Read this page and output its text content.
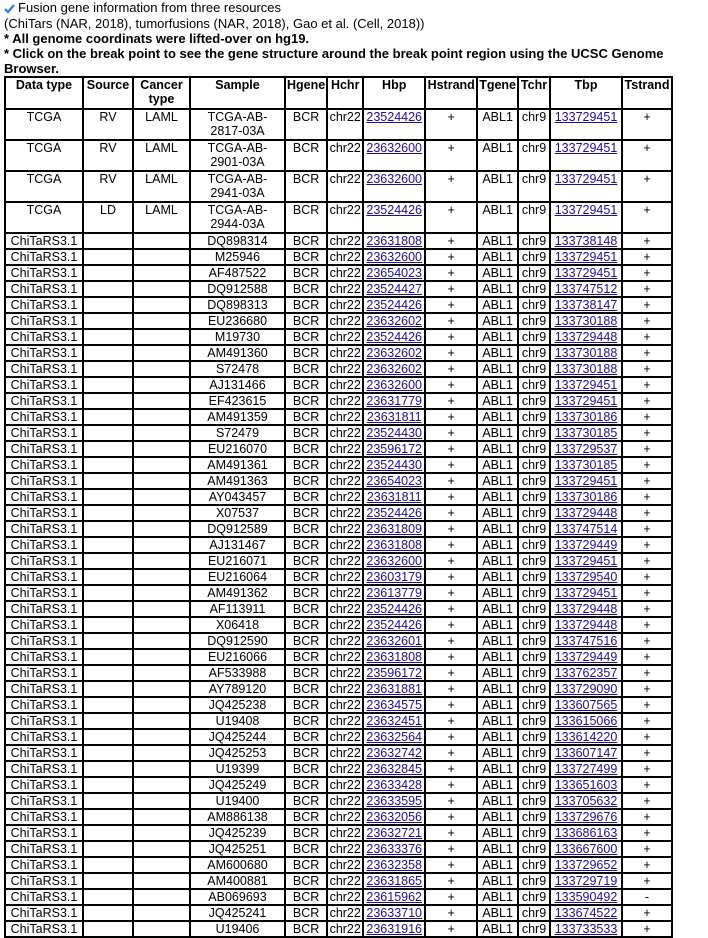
Fusion gene information from three resources
(ChiTars (NAR, 2018), tumorfusions (NAR, 2018), Gao et al. (Cell, 2018))
* All genome coordinats were lifted-over on hg19.
* Click on the break point to see the gene structure around the break point region using the UCSC Genome Browser.
Data type	Source	Cancer type	Sample	Hgene	Hchr	Hbp	Hstrand	Tgene	Tchr	Tbp	Tstrand
TCGA	RV	LAML	TCGA-AB-2817-03A	BCR	chr22	23524426	+	ABL1	chr9	133729451	+
TCGA	RV	LAML	TCGA-AB-2901-03A	BCR	chr22	23632600	+	ABL1	chr9	133729451	+
TCGA	RV	LAML	TCGA-AB-2941-03A	BCR	chr22	23632600	+	ABL1	chr9	133729451	+
TCGA	LD	LAML	TCGA-AB-2944-03A	BCR	chr22	23524426	+	ABL1	chr9	133729451	+
ChiTaRS3.1			DQ898314	BCR	chr22	23631808	+	ABL1	chr9	133738148	+
ChiTaRS3.1			M25946	BCR	chr22	23632600	+	ABL1	chr9	133729451	+
ChiTaRS3.1			AF487522	BCR	chr22	23654023	+	ABL1	chr9	133729451	+
ChiTaRS3.1			DQ912588	BCR	chr22	23524427	+	ABL1	chr9	133747512	+
ChiTaRS3.1			DQ898313	BCR	chr22	23524426	+	ABL1	chr9	133738147	+
ChiTaRS3.1			EU236680	BCR	chr22	23632602	+	ABL1	chr9	133730188	+
ChiTaRS3.1			M19730	BCR	chr22	23524426	+	ABL1	chr9	133729448	+
ChiTaRS3.1			AM491360	BCR	chr22	23632602	+	ABL1	chr9	133730188	+
ChiTaRS3.1			S72478	BCR	chr22	23632602	+	ABL1	chr9	133730188	+
ChiTaRS3.1			AJ131466	BCR	chr22	23632600	+	ABL1	chr9	133729451	+
ChiTaRS3.1			EF423615	BCR	chr22	23631779	+	ABL1	chr9	133729451	+
ChiTaRS3.1			AM491359	BCR	chr22	23631811	+	ABL1	chr9	133730186	+
ChiTaRS3.1			S72479	BCR	chr22	23524430	+	ABL1	chr9	133730185	+
ChiTaRS3.1			EU216070	BCR	chr22	23596172	+	ABL1	chr9	133729537	+
ChiTaRS3.1			AM491361	BCR	chr22	23524430	+	ABL1	chr9	133730185	+
ChiTaRS3.1			AM491363	BCR	chr22	23654023	+	ABL1	chr9	133729451	+
ChiTaRS3.1			AY043457	BCR	chr22	23631811	+	ABL1	chr9	133730186	+
ChiTaRS3.1			X07537	BCR	chr22	23524426	+	ABL1	chr9	133729448	+
ChiTaRS3.1			DQ912589	BCR	chr22	23631809	+	ABL1	chr9	133747514	+
ChiTaRS3.1			AJ131467	BCR	chr22	23631808	+	ABL1	chr9	133729449	+
ChiTaRS3.1			EU216071	BCR	chr22	23632600	+	ABL1	chr9	133729451	+
ChiTaRS3.1			EU216064	BCR	chr22	23603179	+	ABL1	chr9	133729540	+
ChiTaRS3.1			AM491362	BCR	chr22	23613779	+	ABL1	chr9	133729451	+
ChiTaRS3.1			AF113911	BCR	chr22	23524426	+	ABL1	chr9	133729448	+
ChiTaRS3.1			X06418	BCR	chr22	23524426	+	ABL1	chr9	133729448	+
ChiTaRS3.1			DQ912590	BCR	chr22	23632601	+	ABL1	chr9	133747516	+
ChiTaRS3.1			EU216066	BCR	chr22	23631808	+	ABL1	chr9	133729449	+
ChiTaRS3.1			AF533988	BCR	chr22	23596172	+	ABL1	chr9	133762357	+
ChiTaRS3.1			AY789120	BCR	chr22	23631881	+	ABL1	chr9	133729090	+
ChiTaRS3.1			JQ425238	BCR	chr22	23634575	+	ABL1	chr9	133607565	+
ChiTaRS3.1			U19408	BCR	chr22	23632451	+	ABL1	chr9	133615066	+
ChiTaRS3.1			JQ425244	BCR	chr22	23632564	+	ABL1	chr9	133614220	+
ChiTaRS3.1			JQ425253	BCR	chr22	23632742	+	ABL1	chr9	133607147	+
ChiTaRS3.1			U19399	BCR	chr22	23632845	+	ABL1	chr9	133727499	+
ChiTaRS3.1			JQ425249	BCR	chr22	23633428	+	ABL1	chr9	133651603	+
ChiTaRS3.1			U19400	BCR	chr22	23633595	+	ABL1	chr9	133705632	+
ChiTaRS3.1			AM886138	BCR	chr22	23632056	+	ABL1	chr9	133729676	+
ChiTaRS3.1			JQ425239	BCR	chr22	23632721	+	ABL1	chr9	133686163	+
ChiTaRS3.1			JQ425251	BCR	chr22	23633376	+	ABL1	chr9	133667600	+
ChiTaRS3.1			AM600680	BCR	chr22	23632358	+	ABL1	chr9	133729652	+
ChiTaRS3.1			AM400881	BCR	chr22	23631865	+	ABL1	chr9	133729719	+
ChiTaRS3.1			AB069693	BCR	chr22	23615962	+	ABL1	chr9	133590492	-
ChiTaRS3.1			JQ425241	BCR	chr22	23633710	+	ABL1	chr9	133674522	+
ChiTaRS3.1			U19406	BCR	chr22	23631916	+	ABL1	chr9	133733533	+
